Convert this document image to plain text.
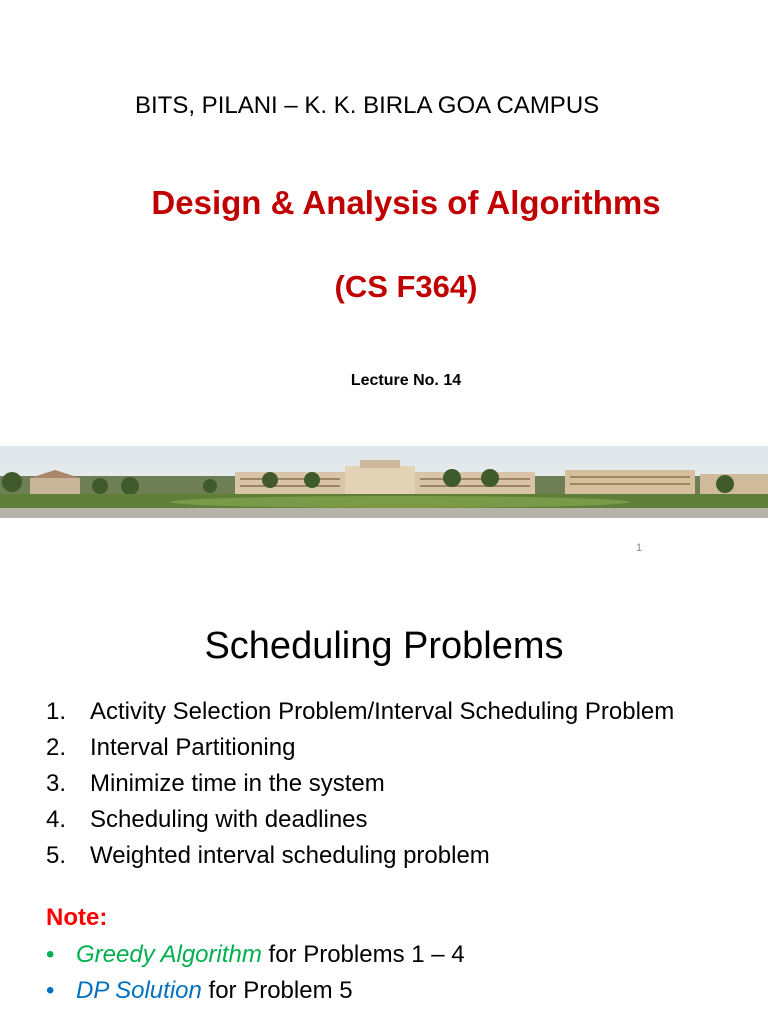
BITS, PILANI – K. K. BIRLA GOA CAMPUS
Design & Analysis of Algorithms
(CS F364)
Lecture No. 14
1
Scheduling Problems
1. Activity Selection Problem/Interval Scheduling Problem
2. Interval Partitioning
3. Minimize time in the system
4. Scheduling with deadlines
5. Weighted interval scheduling problem
Note:
• Greedy Algorithm for Problems 1 – 4
• DP Solution for Problem 5
